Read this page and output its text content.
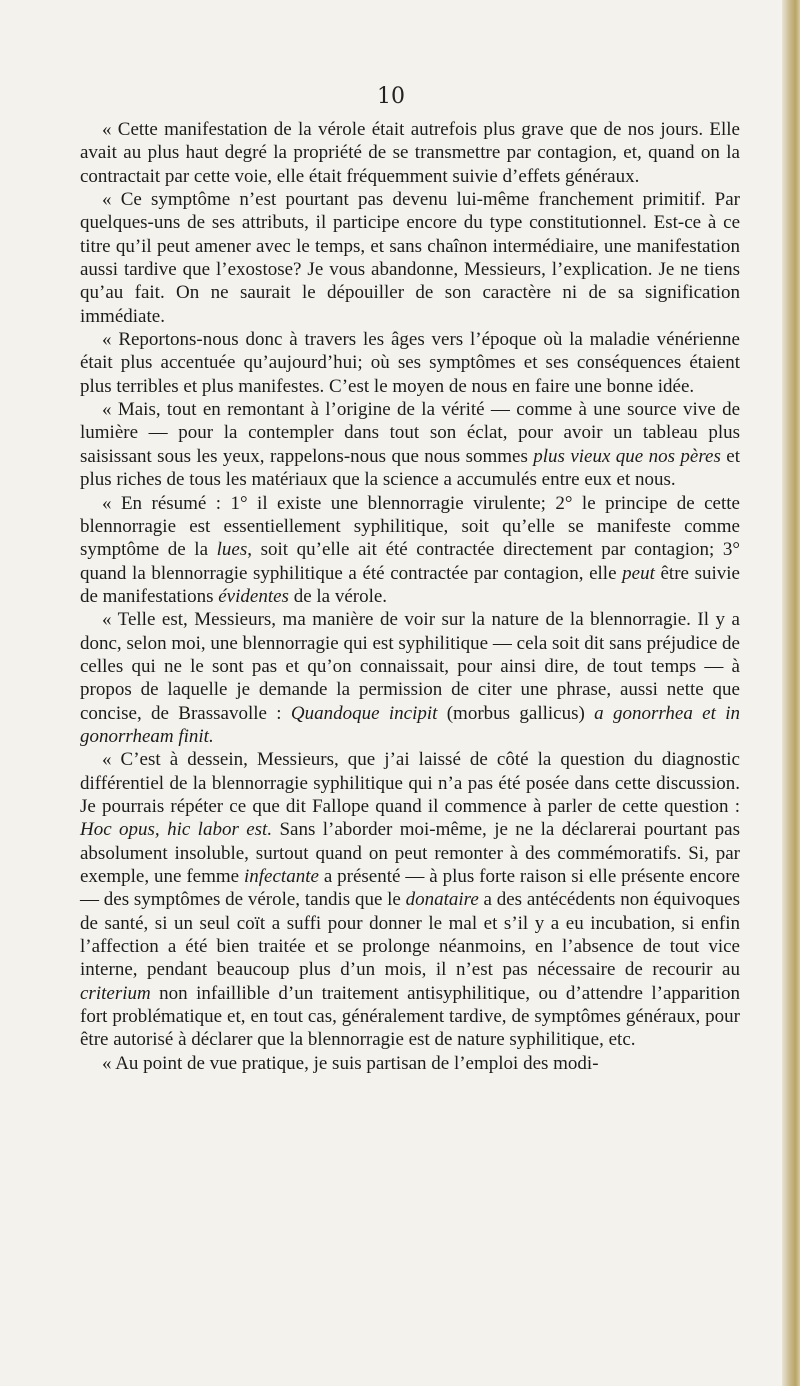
10

« Cette manifestation de la vérole était autrefois plus grave que de nos jours. Elle avait au plus haut degré la propriété de se transmettre par contagion, et, quand on la contractait par cette voie, elle était fréquemment suivie d’effets généraux.

« Ce symptôme n’est pourtant pas devenu lui-même franchement primitif. Par quelques-uns de ses attributs, il participe encore du type constitutionnel. Est-ce à ce titre qu’il peut amener avec le temps, et sans chaînon intermédiaire, une manifestation aussi tardive que l’exostose? Je vous abandonne, Messieurs, l’explication. Je ne tiens qu’au fait. On ne saurait le dépouiller de son caractère ni de sa signification immédiate.

« Reportons-nous donc à travers les âges vers l’époque où la maladie vénérienne était plus accentuée qu’aujourd’hui; où ses symptômes et ses conséquences étaient plus terribles et plus manifestes. C’est le moyen de nous en faire une bonne idée.

« Mais, tout en remontant à l’origine de la vérité — comme à une source vive de lumière — pour la contempler dans tout son éclat, pour avoir un tableau plus saisissant sous les yeux, rappelons-nous que nous sommes plus vieux que nos pères et plus riches de tous les matériaux que la science a accumulés entre eux et nous.

« En résumé : 1° il existe une blennorragie virulente; 2° le principe de cette blennorragie est essentiellement syphilitique, soit qu’elle se manifeste comme symptôme de la lues, soit qu’elle ait été contractée directement par contagion; 3° quand la blennorragie syphilitique a été contractée par contagion, elle peut être suivie de manifestations évidentes de la vérole.

« Telle est, Messieurs, ma manière de voir sur la nature de la blennorragie. Il y a donc, selon moi, une blennorragie qui est syphilitique — cela soit dit sans préjudice de celles qui ne le sont pas et qu’on connaissait, pour ainsi dire, de tout temps — à propos de laquelle je demande la permission de citer une phrase, aussi nette que concise, de Brassavolle : Quandoque incipit (morbus gallicus) a gonorrhea et in gonorrheam finit.

« C’est à dessein, Messieurs, que j’ai laissé de côté la question du diagnostic différentiel de la blennorragie syphilitique qui n’a pas été posée dans cette discussion. Je pourrais répéter ce que dit Fallope quand il commence à parler de cette question : Hoc opus, hic labor est. Sans l’aborder moi-même, je ne la déclarerai pourtant pas absolument insoluble, surtout quand on peut remonter à des commémoratifs. Si, par exemple, une femme infectante a présenté — à plus forte raison si elle présente encore — des symptômes de vérole, tandis que le donataire a des antécédents non équivoques de santé, si un seul coït a suffi pour donner le mal et s’il y a eu incubation, si enfin l’affection a été bien traitée et se prolonge néanmoins, en l’absence de tout vice interne, pendant beaucoup plus d’un mois, il n’est pas nécessaire de recourir au criterium non infaillible d’un traitement antisyphilitique, ou d’attendre l’apparition fort problématique et, en tout cas, généralement tardive, de symptômes généraux, pour être autorisé à déclarer que la blennorragie est de nature syphilitique, etc.

« Au point de vue pratique, je suis partisan de l’emploi des modi-
